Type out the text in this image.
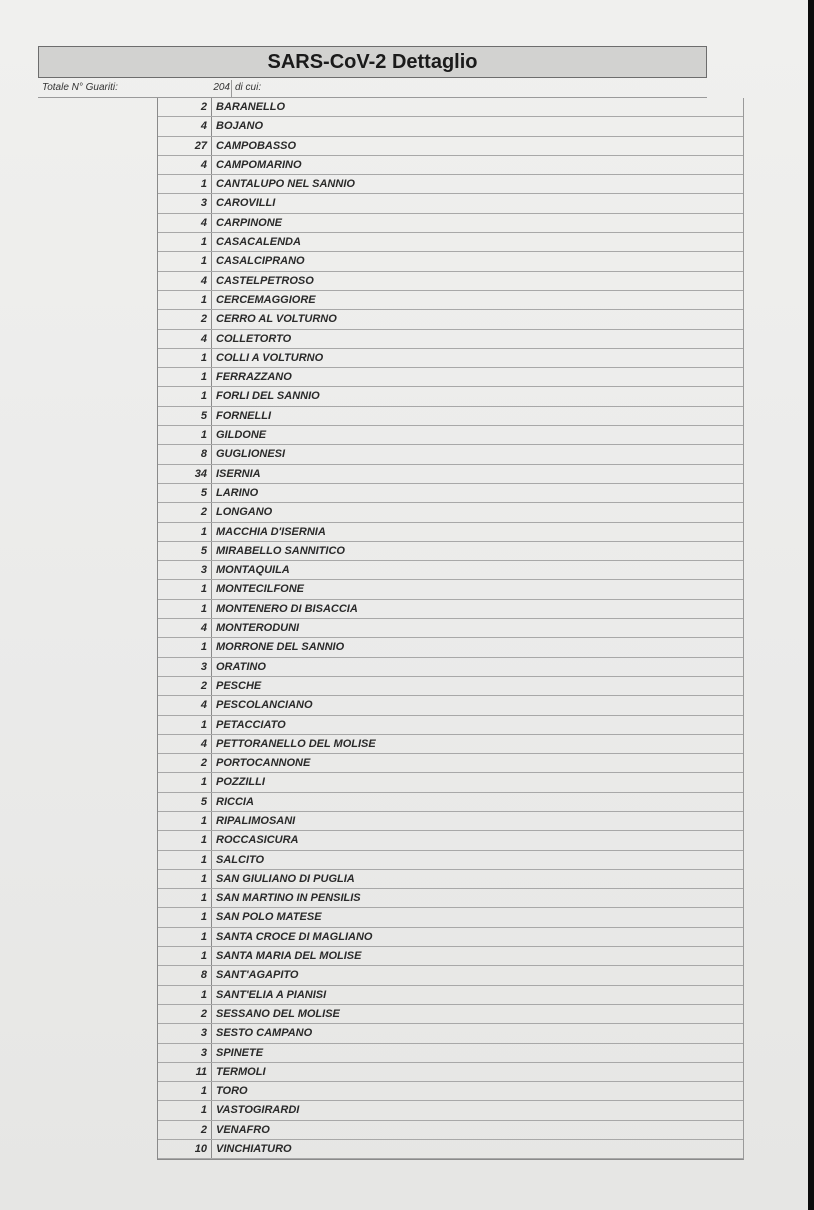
SARS-CoV-2 Dettaglio
Totale N° Guariti:	204 di cui:
2 BARANELLO
4 BOJANO
27 CAMPOBASSO
4 CAMPOMARINO
1 CANTALUPO NEL SANNIO
3 CAROVILLI
4 CARPINONE
1 CASACALENDA
1 CASALCIPRANO
4 CASTELPETROSO
1 CERCEMAGGIORE
2 CERRO AL VOLTURNO
4 COLLETORTO
1 COLLI A VOLTURNO
1 FERRAZZANO
1 FORLI DEL SANNIO
5 FORNELLI
1 GILDONE
8 GUGLIONESI
34 ISERNIA
5 LARINO
2 LONGANO
1 MACCHIA D'ISERNIA
5 MIRABELLO SANNITICO
3 MONTAQUILA
1 MONTECILFONE
1 MONTENERO DI BISACCIA
4 MONTERODUNI
1 MORRONE DEL SANNIO
3 ORATINO
2 PESCHE
4 PESCOLANCIANO
1 PETACCIATO
4 PETTORANELLO DEL MOLISE
2 PORTOCANNONE
1 POZZILLI
5 RICCIA
1 RIPALIMOSANI
1 ROCCASICURA
1 SALCITO
1 SAN GIULIANO DI PUGLIA
1 SAN MARTINO IN PENSILIS
1 SAN POLO MATESE
1 SANTA CROCE DI MAGLIANO
1 SANTA MARIA DEL MOLISE
8 SANT'AGAPITO
1 SANT'ELIA A PIANISI
2 SESSANO DEL MOLISE
3 SESTO CAMPANO
3 SPINETE
11 TERMOLI
1 TORO
1 VASTOGIRARDI
2 VENAFRO
10 VINCHIATURO
